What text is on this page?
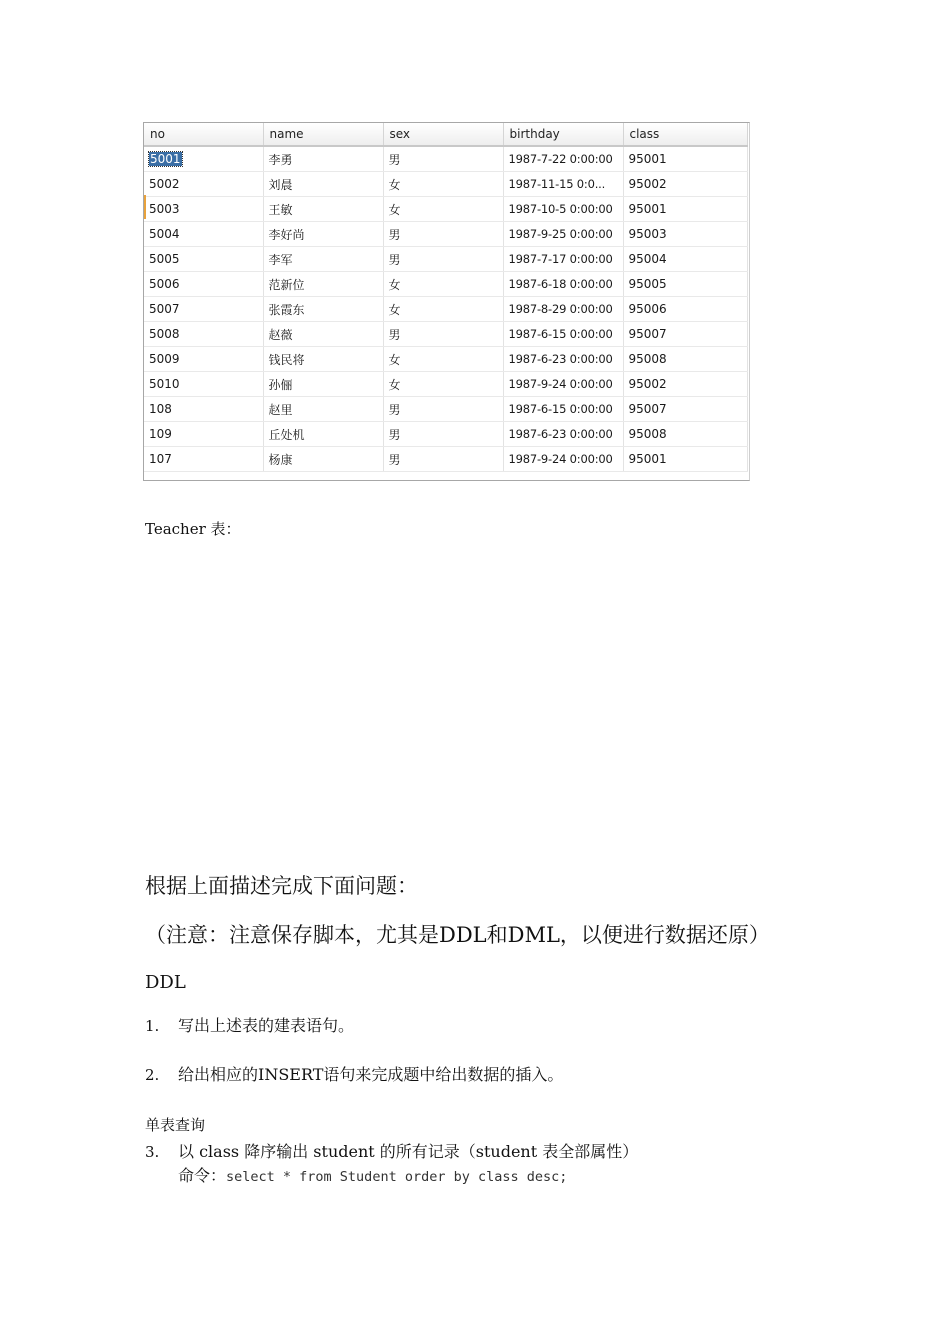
no	name	sex	birthday	class
5001	李勇	男	1987-7-22 0:00:00	95001
5002	刘晨	女	1987-11-15 0:0...	95002
5003	王敏	女	1987-10-5 0:00:00	95001
5004	李好尚	男	1987-9-25 0:00:00	95003
5005	李军	男	1987-7-17 0:00:00	95004
5006	范新位	女	1987-6-18 0:00:00	95005
5007	张霞东	女	1987-8-29 0:00:00	95006
5008	赵薇	男	1987-6-15 0:00:00	95007
5009	钱民将	女	1987-6-23 0:00:00	95008
5010	孙俪	女	1987-9-24 0:00:00	95002
108	赵里	男	1987-6-15 0:00:00	95007
109	丘处机	男	1987-6-23 0:00:00	95008
107	杨康	男	1987-9-24 0:00:00	95001
Teacher 表：
根据上面描述完成下面问题：
（注意：注意保存脚本，尤其是DDL和DML，以便进行数据还原）
DDL
1. 写出上述表的建表语句。
2. 给出相应的INSERT语句来完成题中给出数据的插入。
单表查询
3. 以 class 降序输出 student 的所有记录（student 表全部属性）
命令：select * from Student order by class desc;
